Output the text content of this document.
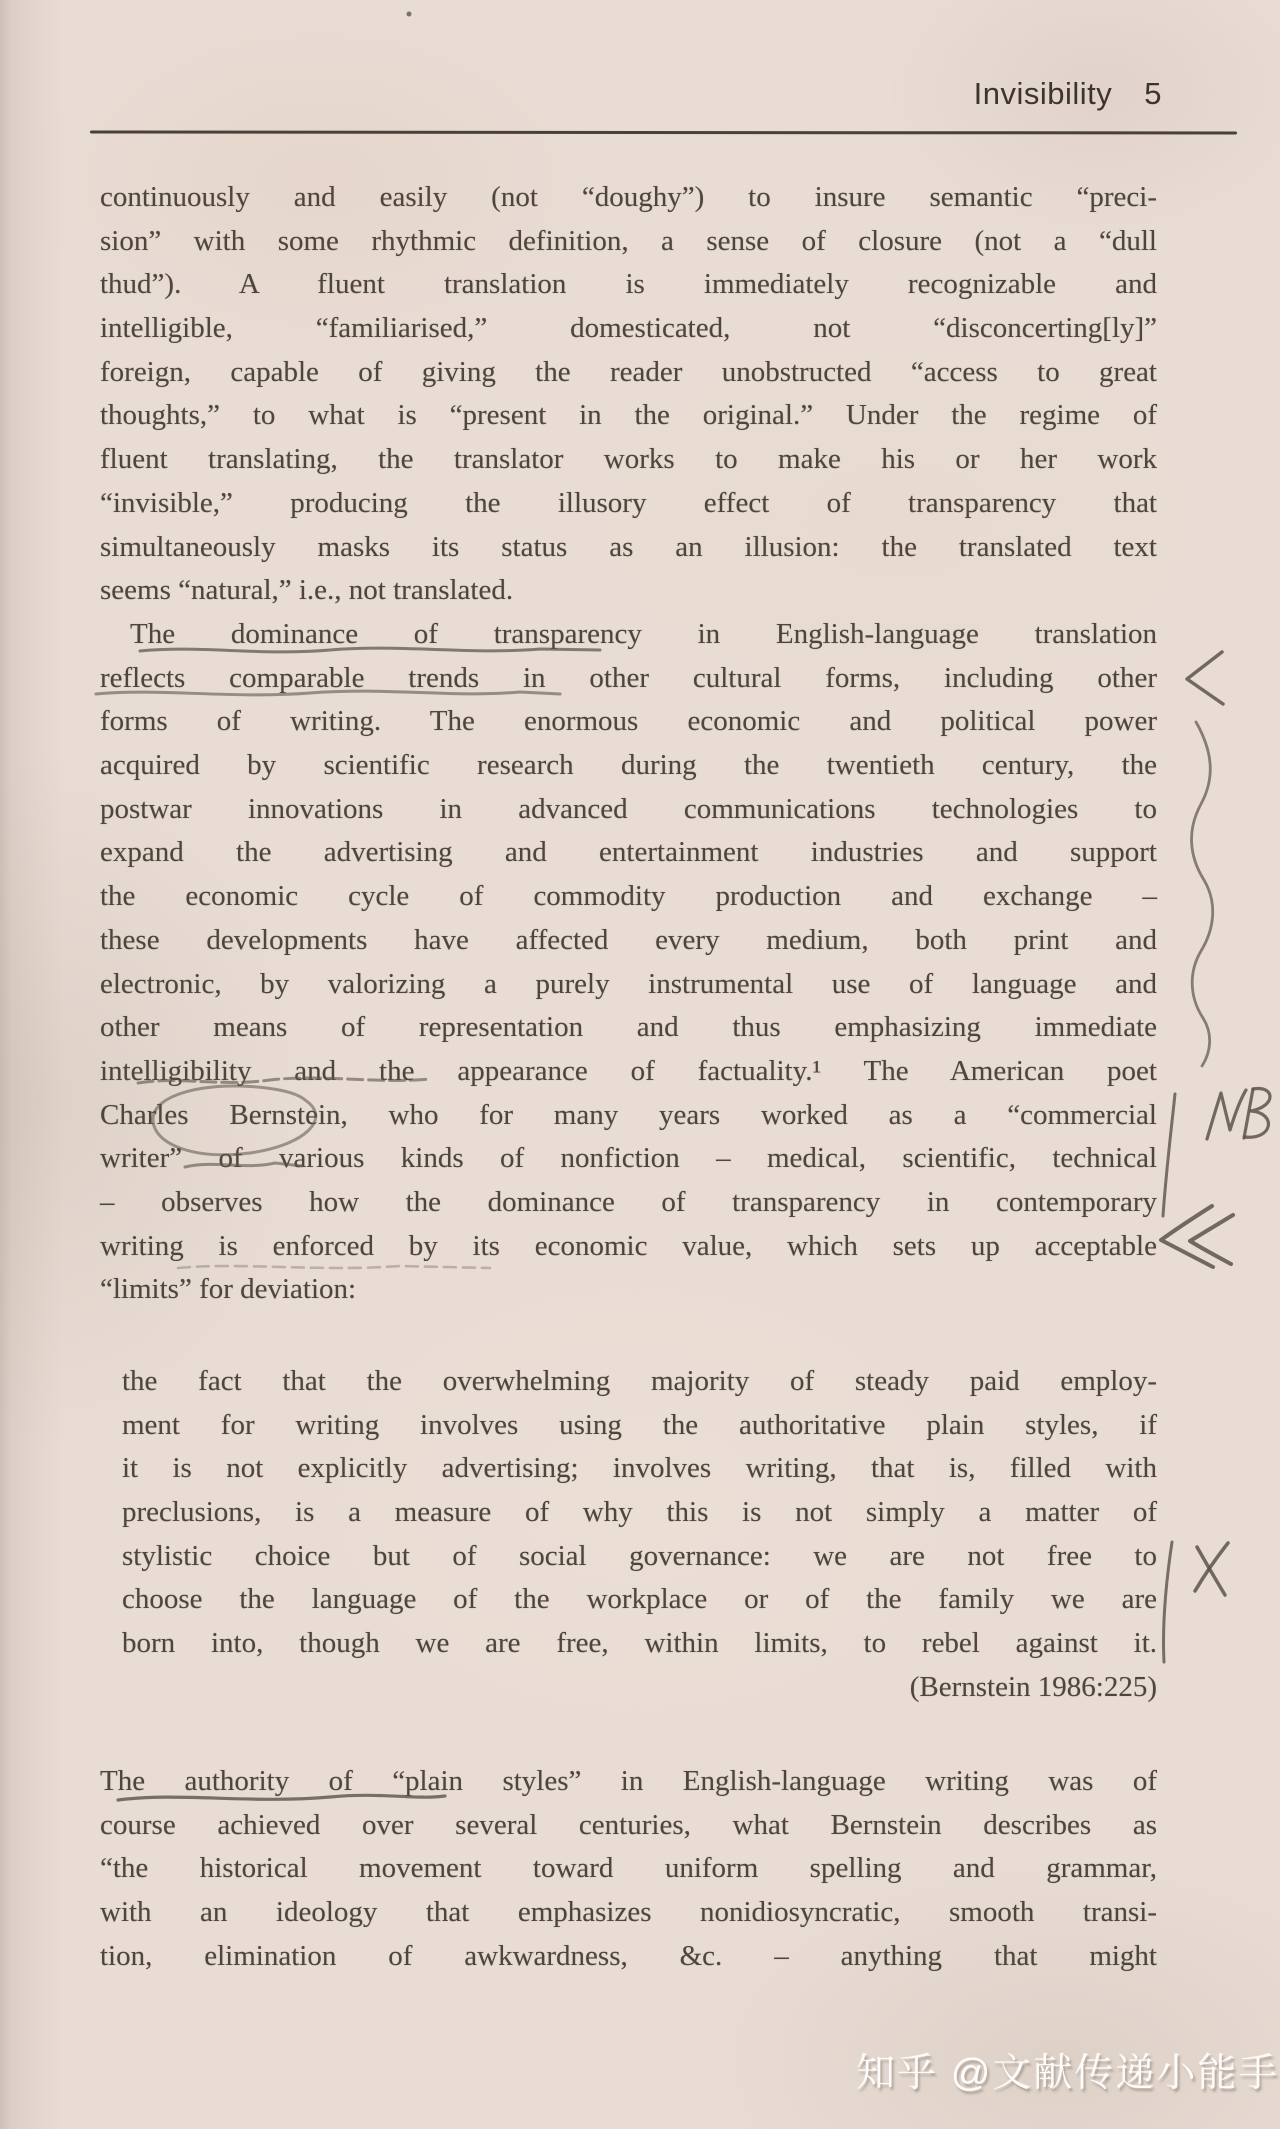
Invisibility 5
continuously and easily (not “doughy”) to insure semantic “preci-
sion” with some rhythmic definition, a sense of closure (not a “dull
thud”). A fluent translation is immediately recognizable and
intelligible, “familiarised,” domesticated, not “disconcerting[ly]”
foreign, capable of giving the reader unobstructed “access to great
thoughts,” to what is “present in the original.” Under the regime of
fluent translating, the translator works to make his or her work
“invisible,” producing the illusory effect of transparency that
simultaneously masks its status as an illusion: the translated text
seems “natural,” i.e., not translated.
The dominance of transparency in English-language translation
reflects comparable trends in other cultural forms, including other
forms of writing. The enormous economic and political power
acquired by scientific research during the twentieth century, the
postwar innovations in advanced communications technologies to
expand the advertising and entertainment industries and support
the economic cycle of commodity production and exchange –
these developments have affected every medium, both print and
electronic, by valorizing a purely instrumental use of language and
other means of representation and thus emphasizing immediate
intelligibility and the appearance of factuality.¹ The American poet
Charles Bernstein, who for many years worked as a “commercial
writer” of various kinds of nonfiction – medical, scientific, technical
– observes how the dominance of transparency in contemporary
writing is enforced by its economic value, which sets up acceptable
“limits” for deviation:
the fact that the overwhelming majority of steady paid employ-
ment for writing involves using the authoritative plain styles, if
it is not explicitly advertising; involves writing, that is, filled with
preclusions, is a measure of why this is not simply a matter of
stylistic choice but of social governance: we are not free to
choose the language of the workplace or of the family we are
born into, though we are free, within limits, to rebel against it.
(Bernstein 1986:225)
The authority of “plain styles” in English-language writing was of
course achieved over several centuries, what Bernstein describes as
“the historical movement toward uniform spelling and grammar,
with an ideology that emphasizes nonidiosyncratic, smooth transi-
tion, elimination of awkwardness, &c. – anything that might
知乎 @文献传递小能手
